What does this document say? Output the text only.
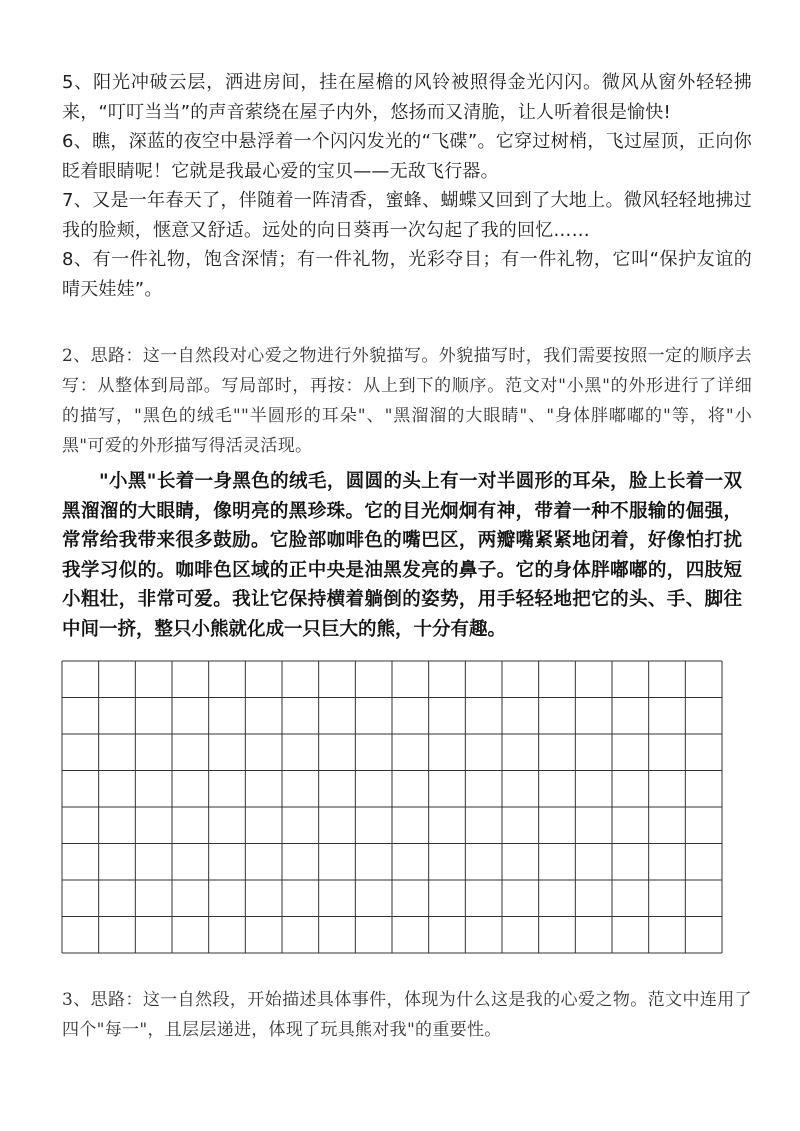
5、阳光冲破云层，洒进房间，挂在屋檐的风铃被照得金光闪闪。微风从窗外轻轻拂来，“叮叮当当”的声音萦绕在屋子内外，悠扬而又清脆，让人听着很是愉快!
6、瞧，深蓝的夜空中悬浮着一个闪闪发光的“飞碟”。它穿过树梢，飞过屋顶，正向你眨着眼睛呢！它就是我最心爱的宝贝——无敌飞行器。
7、又是一年春天了，伴随着一阵清香，蜜蜂、蝴蝶又回到了大地上。微风轻轻地拂过我的脸颊，惬意又舒适。远处的向日葵再一次勾起了我的回忆……
8、有一件礼物，饱含深情；有一件礼物，光彩夺目；有一件礼物，它叫“保护友谊的晴天娃娃”。

2、思路：这一自然段对心爱之物进行外貌描写。外貌描写时，我们需要按照一定的顺序去写：从整体到局部。写局部时，再按：从上到下的顺序。范文对"小黑"的外形进行了详细的描写，"黑色的绒毛""半圆形的耳朵"、"黑溜溜的大眼睛"、"身体胖嘟嘟的"等，将"小黑"可爱的外形描写得活灵活现。

"小黑"长着一身黑色的绒毛，圆圆的头上有一对半圆形的耳朵，脸上长着一双黑溜溜的大眼睛，像明亮的黑珍珠。它的目光炯炯有神，带着一种不服输的倔强，常常给我带来很多鼓励。它脸部咖啡色的嘴巴区，两瓣嘴紧紧地闭着，好像怕打扰我学习似的。咖啡色区域的正中央是油黑发亮的鼻子。它的身体胖嘟嘟的，四肢短小粗壮，非常可爱。我让它保持横着躺倒的姿势，用手轻轻地把它的头、手、脚往中间一挤，整只小熊就化成一只巨大的熊，十分有趣。

3、思路：这一自然段，开始描述具体事件，体现为什么这是我的心爱之物。范文中连用了四个"每一"，且层层递进，体现了玩具熊对我"的重要性。
